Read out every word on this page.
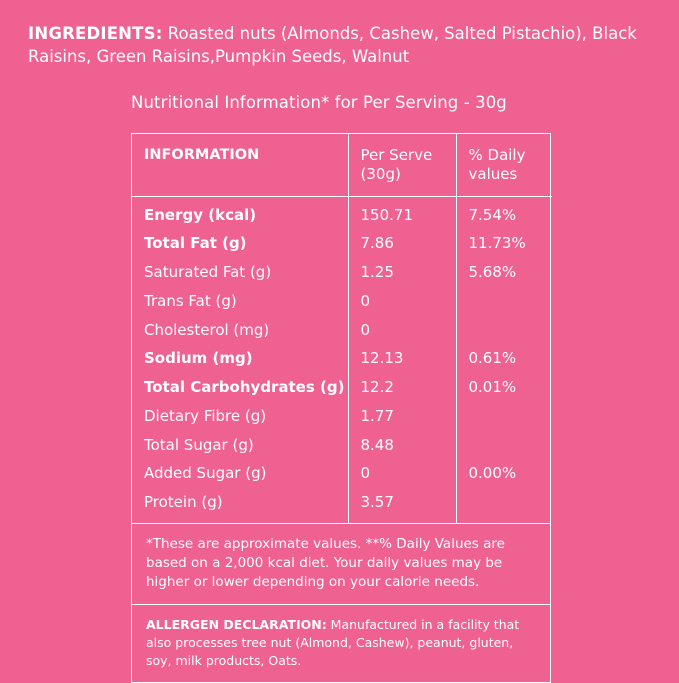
INGREDIENTS: Roasted nuts (Almonds, Cashew, Salted Pistachio), Black Raisins, Green Raisins,Pumpkin Seeds, Walnut
Nutritional Information* for Per Serving - 30g
INFORMATION	Per Serve (30g)	% Daily values
Energy (kcal)	150.71	7.54%
Total Fat (g)	7.86	11.73%
Saturated Fat (g)	1.25	5.68%
Trans Fat (g)	0	
Cholesterol (mg)	0	
Sodium (mg)	12.13	0.61%
Total Carbohydrates (g)	12.2	0.01%
Dietary Fibre (g)	1.77	
Total Sugar (g)	8.48	
Added Sugar (g)	0	0.00%
Protein (g)	3.57	
*These are approximate values. **% Daily Values are based on a 2,000 kcal diet. Your daily values may be higher or lower depending on your calorie needs.
ALLERGEN DECLARATION: Manufactured in a facility that also processes tree nut (Almond, Cashew), peanut, gluten, soy, milk products, Oats.
